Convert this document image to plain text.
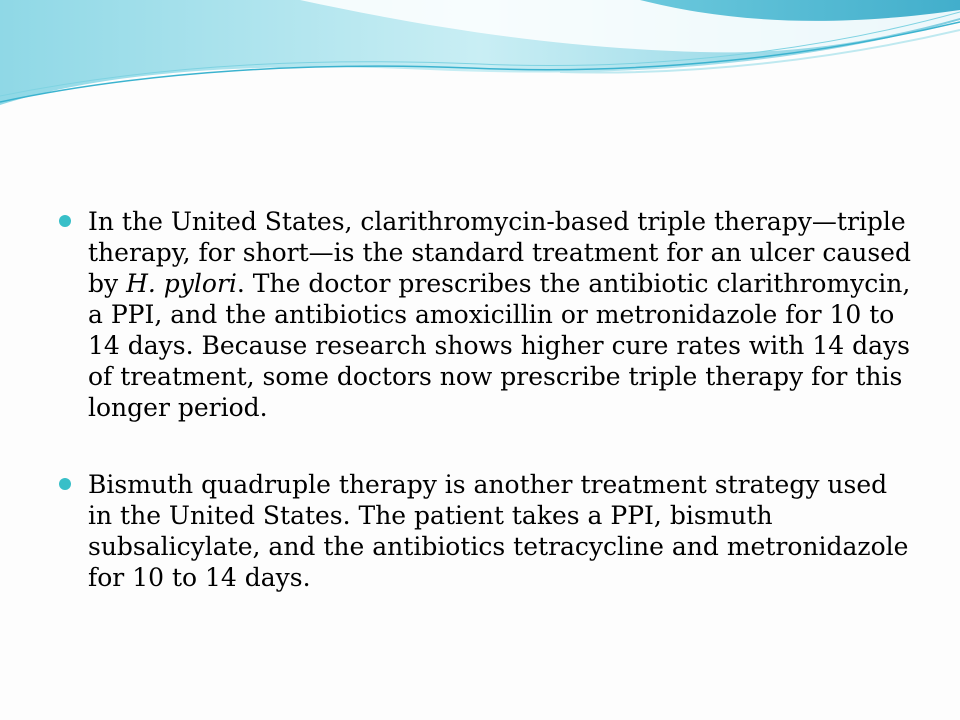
In the United States, clarithromycin-based triple therapy—triple therapy, for short—is the standard treatment for an ulcer caused by H. pylori. The doctor prescribes the antibiotic clarithromycin, a PPI, and the antibiotics amoxicillin or metronidazole for 10 to 14 days. Because research shows higher cure rates with 14 days of treatment, some doctors now prescribe triple therapy for this longer period.
Bismuth quadruple therapy is another treatment strategy used in the United States. The patient takes a PPI, bismuth subsalicylate, and the antibiotics tetracycline and metronidazole for 10 to 14 days.
